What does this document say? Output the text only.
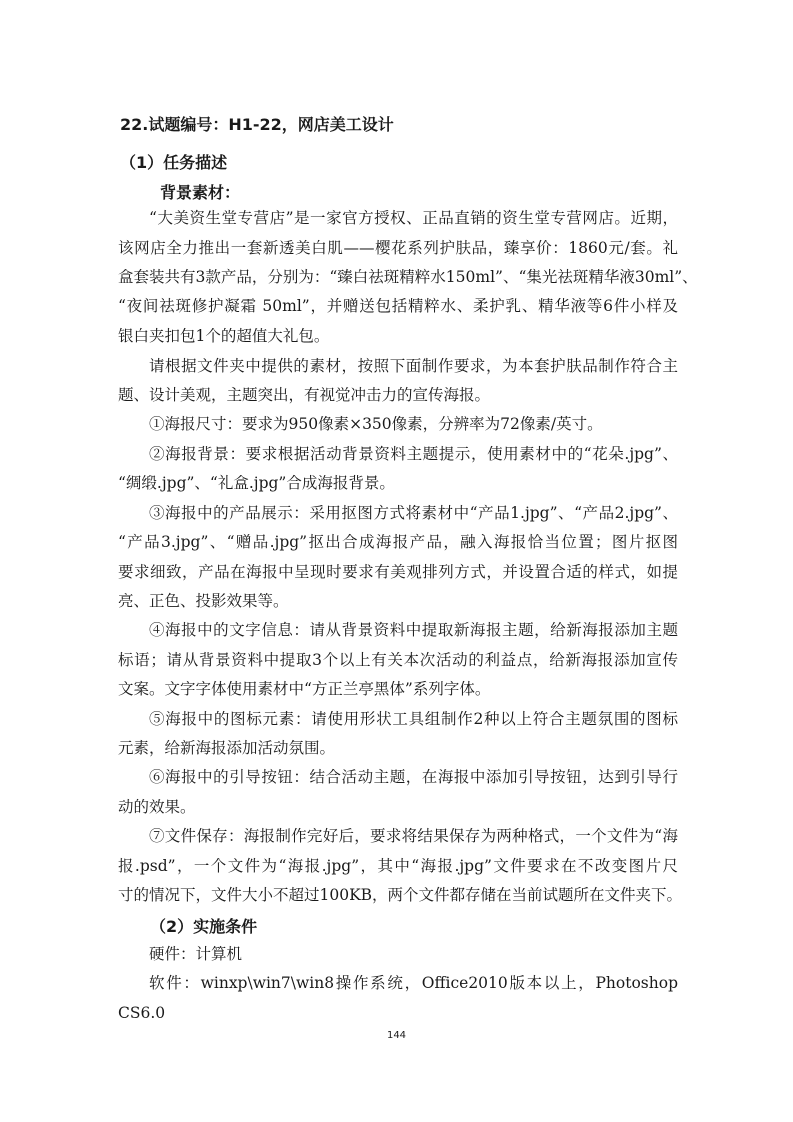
22.试题编号：H1-22，网店美工设计
（1）任务描述
背景素材：
“大美资生堂专营店”是一家官方授权、正品直销的资生堂专营网店。近期，
该网店全力推出一套新透美白肌——樱花系列护肤品，臻享价：1860元/套。礼
盒套装共有3款产品，分别为：“臻白祛斑精粹水150ml”、“集光祛斑精华液30ml”、
“夜间祛斑修护凝霜 50ml”，并赠送包括精粹水、柔护乳、精华液等6件小样及
银白夹扣包1个的超值大礼包。
请根据文件夹中提供的素材，按照下面制作要求，为本套护肤品制作符合主
题、设计美观，主题突出，有视觉冲击力的宣传海报。
①海报尺寸：要求为950像素×350像素，分辨率为72像素/英寸。
②海报背景：要求根据活动背景资料主题提示，使用素材中的“花朵.jpg”、
“绸缎.jpg”、“礼盒.jpg”合成海报背景。
③海报中的产品展示：采用抠图方式将素材中“产品1.jpg”、“产品2.jpg”、
“产品3.jpg”、“赠品.jpg”抠出合成海报产品，融入海报恰当位置；图片抠图
要求细致，产品在海报中呈现时要求有美观排列方式，并设置合适的样式，如提
亮、正色、投影效果等。
④海报中的文字信息：请从背景资料中提取新海报主题，给新海报添加主题
标语；请从背景资料中提取3个以上有关本次活动的利益点，给新海报添加宣传
文案。文字字体使用素材中“方正兰亭黑体”系列字体。
⑤海报中的图标元素：请使用形状工具组制作2种以上符合主题氛围的图标
元素，给新海报添加活动氛围。
⑥海报中的引导按钮：结合活动主题，在海报中添加引导按钮，达到引导行
动的效果。
⑦文件保存：海报制作完好后，要求将结果保存为两种格式，一个文件为“海
报.psd”，一个文件为“海报.jpg”，其中“海报.jpg”文件要求在不改变图片尺
寸的情况下，文件大小不超过100KB，两个文件都存储在当前试题所在文件夹下。
（2）实施条件
硬件：计算机
软件：winxp\win7\win8操作系统，Office2010版本以上，Photoshop
CS6.0
144
